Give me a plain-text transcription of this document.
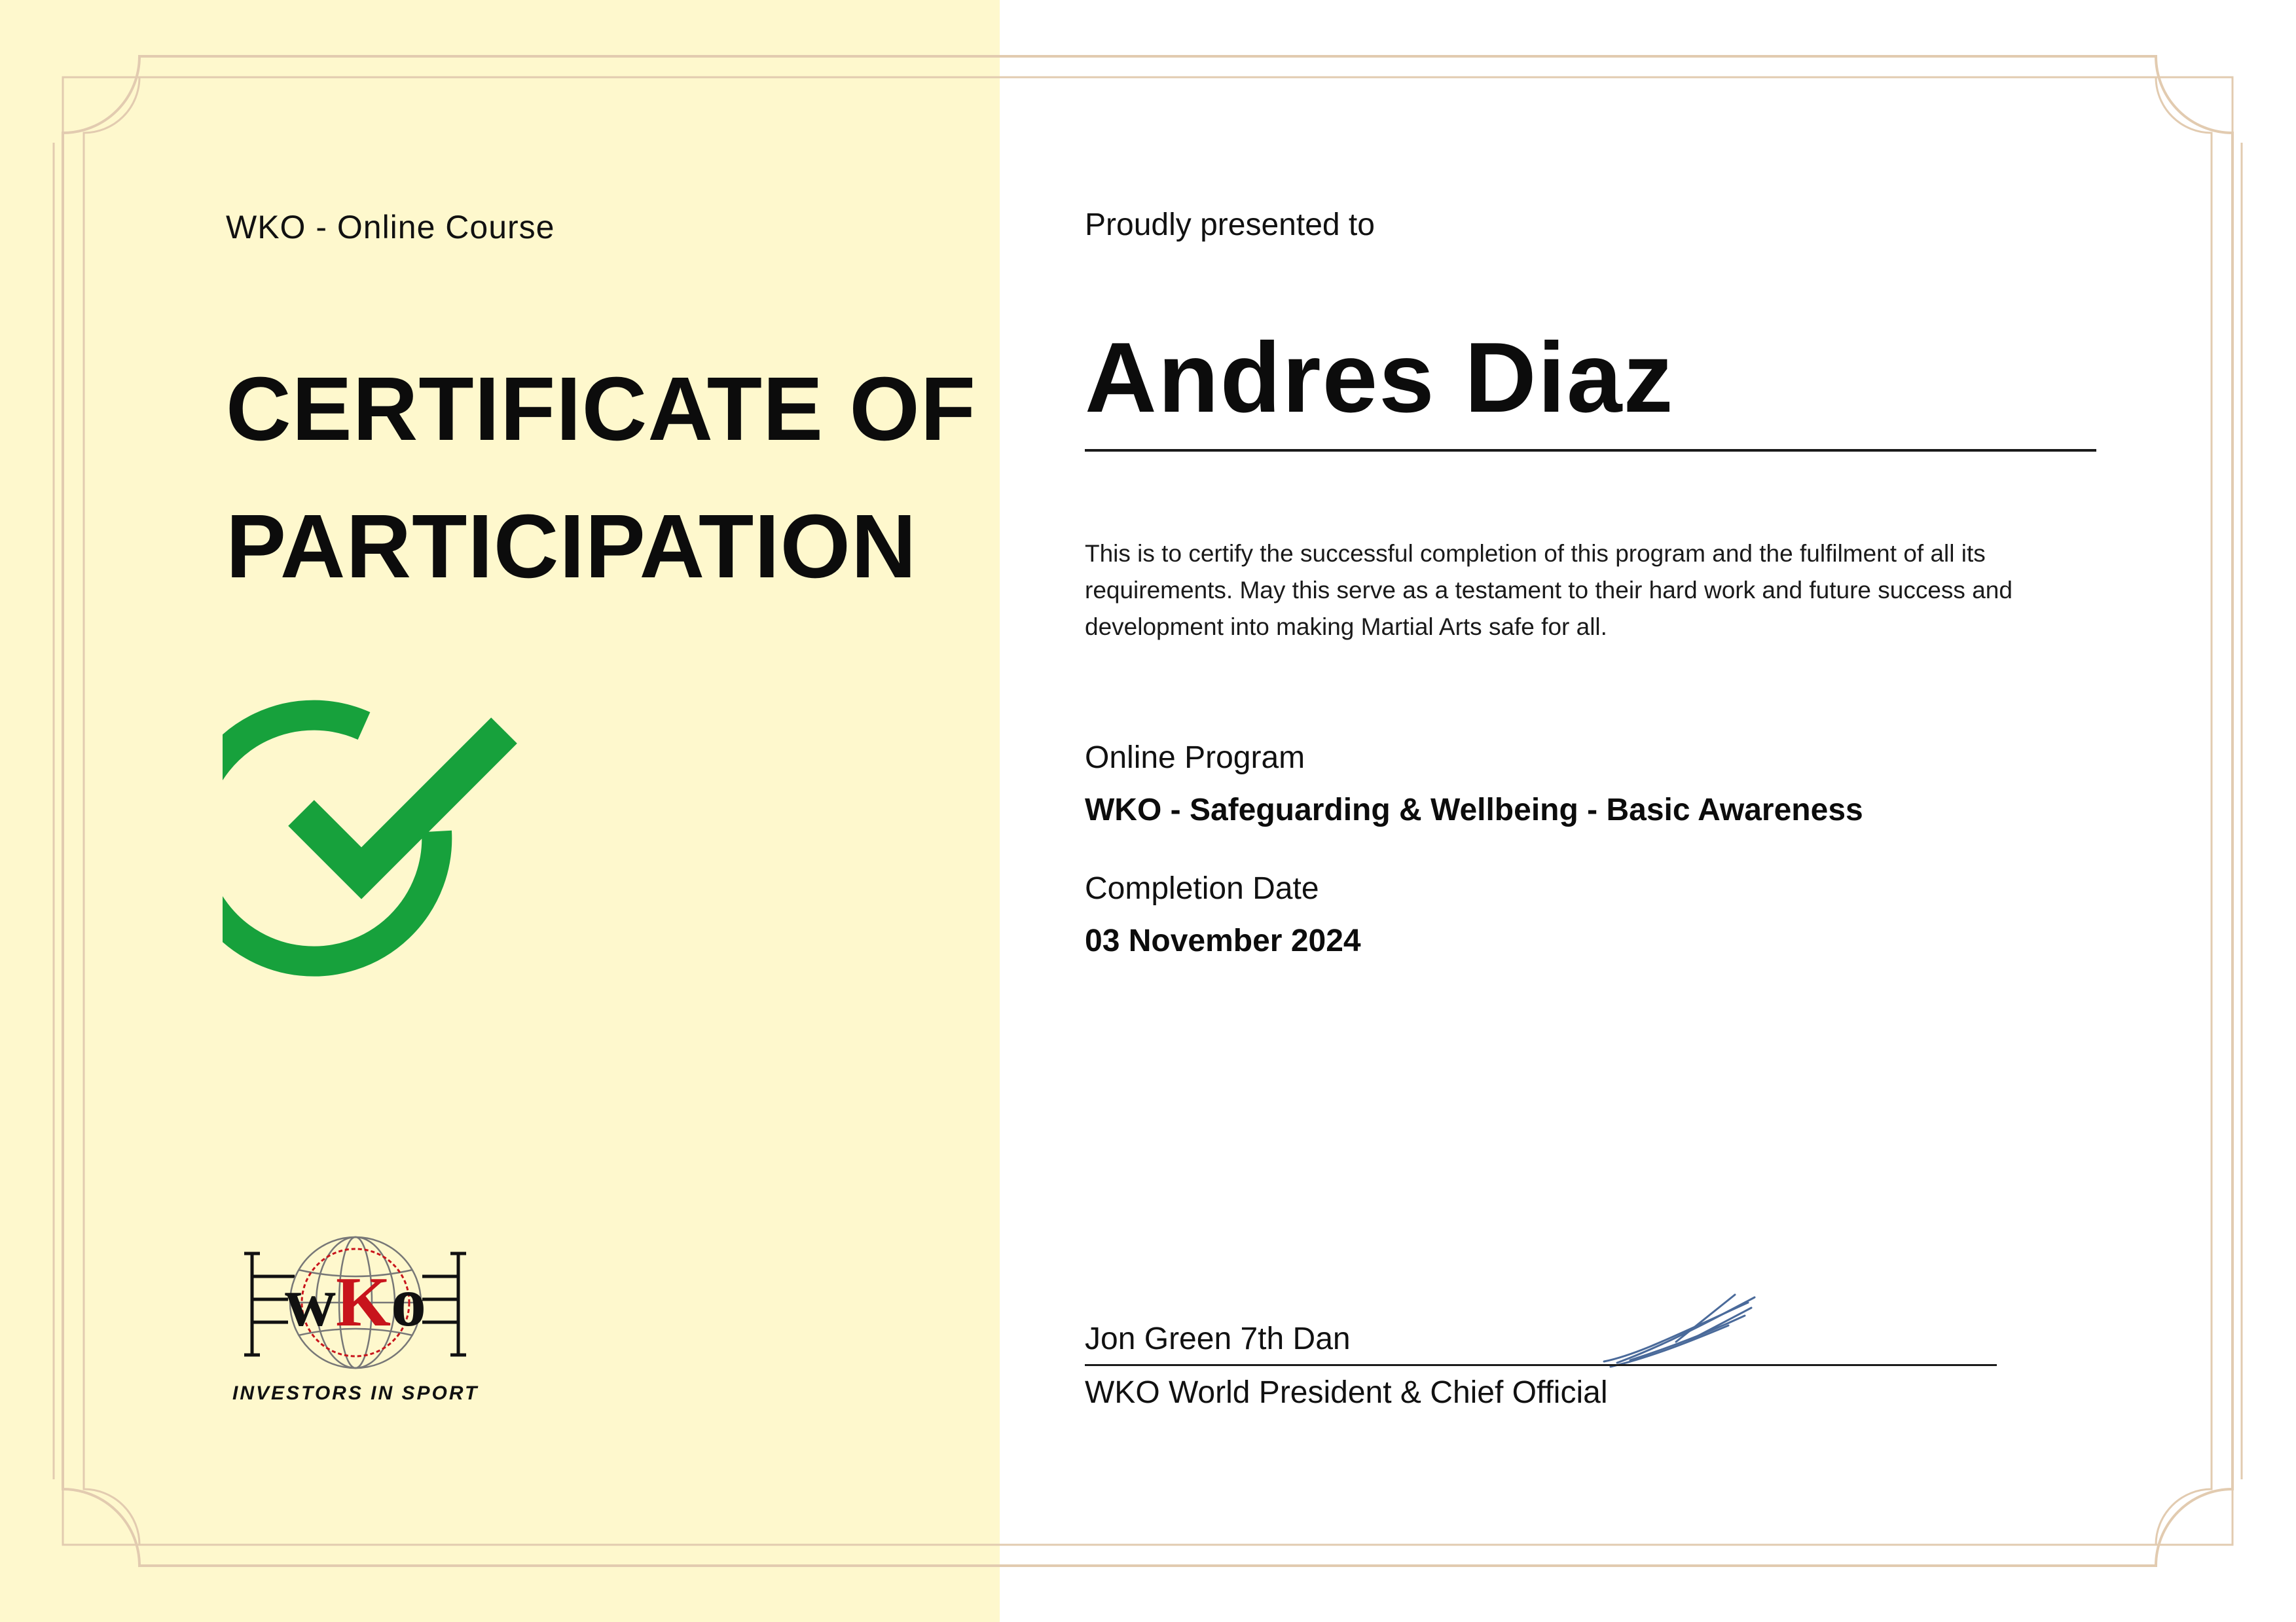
WKO - Online Course
CERTIFICATE OF
PARTICIPATION
wKo
INVESTORS IN SPORT
Proudly presented to
Andres Diaz
This is to certify the successful completion of this program and the fulfilment of all its requirements. May this serve as a testament to their hard work and future success and development into making Martial Arts safe for all.
Online Program
WKO - Safeguarding & Wellbeing - Basic Awareness
Completion Date
03 November 2024
Jon Green 7th Dan
WKO World President & Chief Official
